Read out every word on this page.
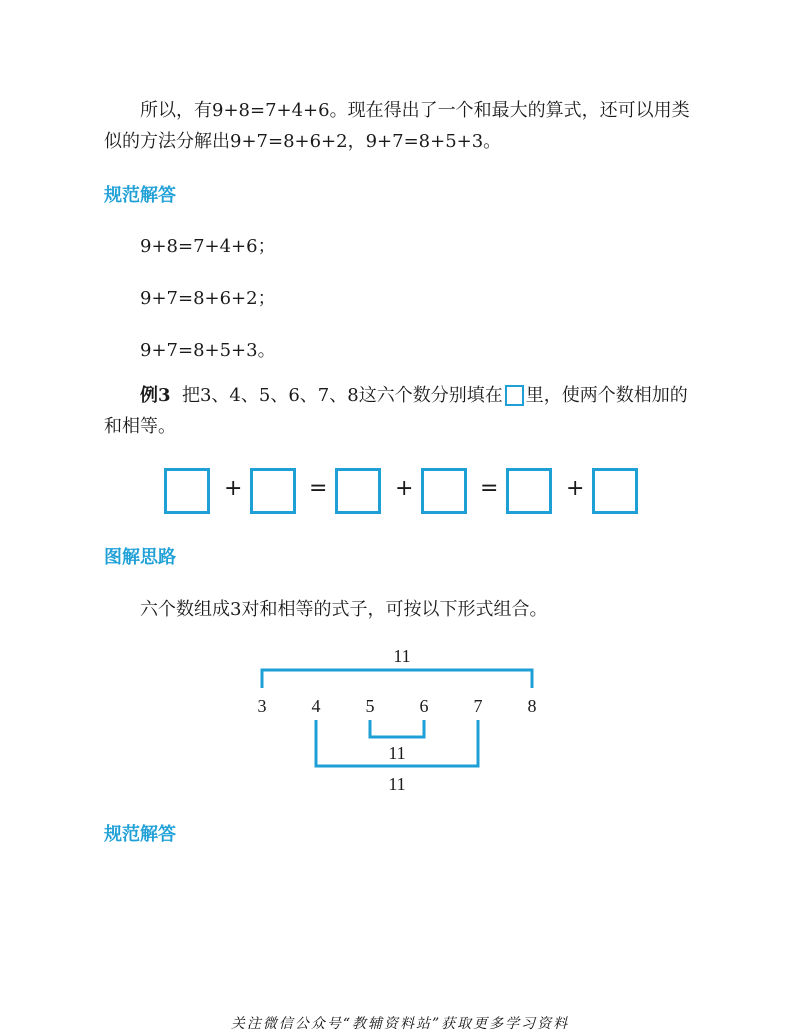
所以，有9+8=7+4+6。现在得出了一个和最大的算式，还可以用类似的方法分解出9+7=8+6+2，9+7=8+5+3。
规范解答
9+8=7+4+6；
9+7=8+6+2；
9+7=8+5+3。
例3 把3、4、5、6、7、8这六个数分别填在 里，使两个数相加的和相等。
+	=	+	=	+
图解思路
六个数组成3对和相等的式子，可按以下形式组合。
11
3	4	5	6	7	8
11
11
规范解答
关注微信公众号“教辅资料站”获取更多学习资料
